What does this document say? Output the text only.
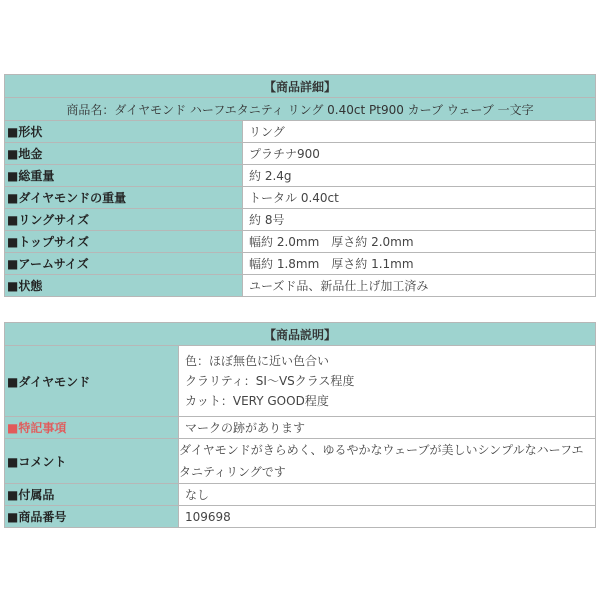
【商品詳細】	
商品名：ダイヤモンド ハーフエタニティ リング 0.40ct Pt900 カーブ ウェーブ 一文字	
■形状	リング
■地金	プラチナ900
■総重量	約 2.4g
■ダイヤモンドの重量	トータル 0.40ct
■リングサイズ	約 8号
■トップサイズ	幅約 2.0mm　厚さ約 2.0mm
■アームサイズ	幅約 1.8mm　厚さ約 1.1mm
■状態	ユーズド品、新品仕上げ加工済み
【商品説明】	
■ダイヤモンド	色：ほぼ無色に近い色合い
クラリティ：SI〜VSクラス程度
カット：VERY GOOD程度

■特記事項	マークの跡があります
■コメント	ダイヤモンドがきらめく、ゆるやかなウェーブが美しいシンプルなハーフエタニティリングです
■付属品	なし
■商品番号	109698
